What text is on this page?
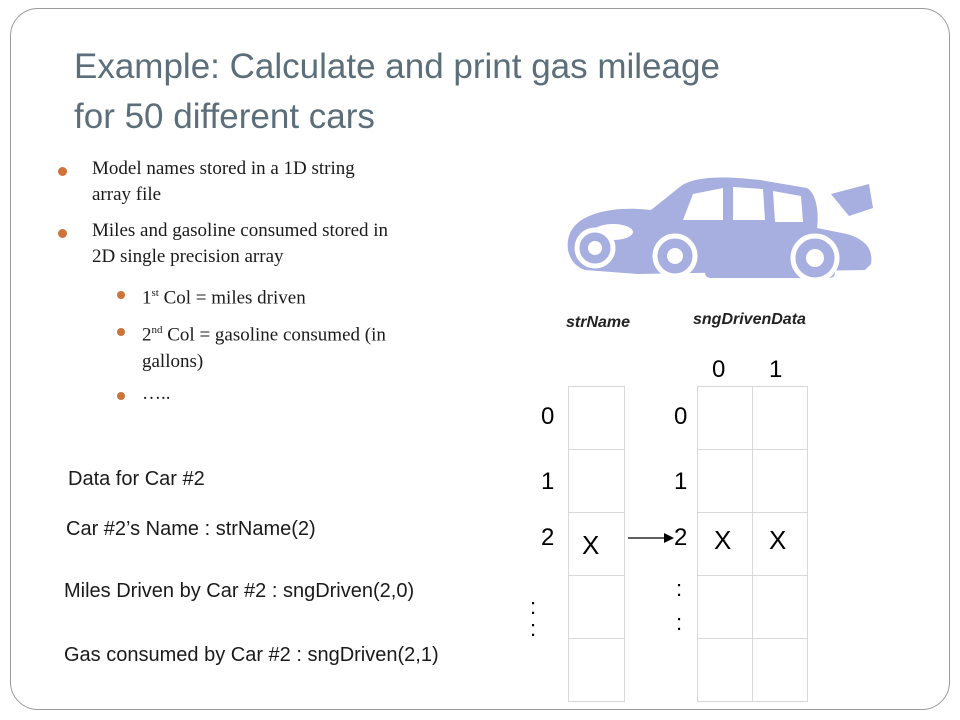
Example: Calculate and print gas mileage
for 50 different cars
Model names stored in a 1D string
array file
Miles and gasoline consumed stored in
2D single precision array
1st Col = miles driven
2nd Col = gasoline consumed (in
gallons)
…..
strName	sngDrivenData
0 1
0
1
2
:
:
0
1
2
:
:
X	X X
Data for Car #2
Car #2’s Name : strName(2)
Miles Driven by Car #2 : sngDriven(2,0)
Gas consumed by Car #2 : sngDriven(2,1)
